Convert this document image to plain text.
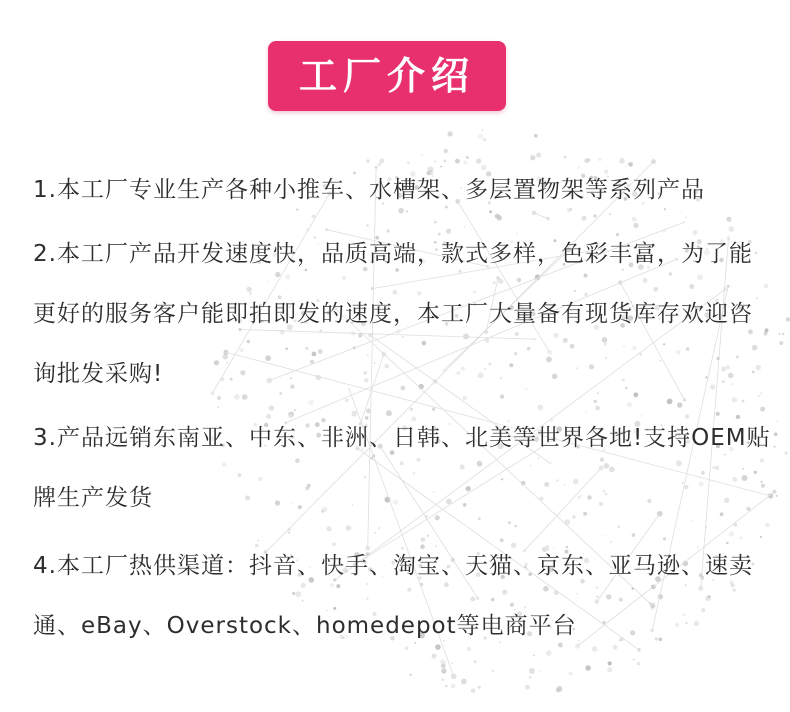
工厂介绍

1.本工厂专业生产各种小推车、水槽架、多层置物架等系列产品

2.本工厂产品开发速度快，品质高端，款式多样，色彩丰富，为了能更好的服务客户能即拍即发的速度，本工厂大量备有现货库存欢迎咨询批发采购!

3.产品远销东南亚、中东、非洲、日韩、北美等世界各地!支持OEM贴牌生产发货

4.本工厂热供渠道：抖音、快手、淘宝、天猫、京东、亚马逊、速卖通、eBay、Overstock、homedepot等电商平台
